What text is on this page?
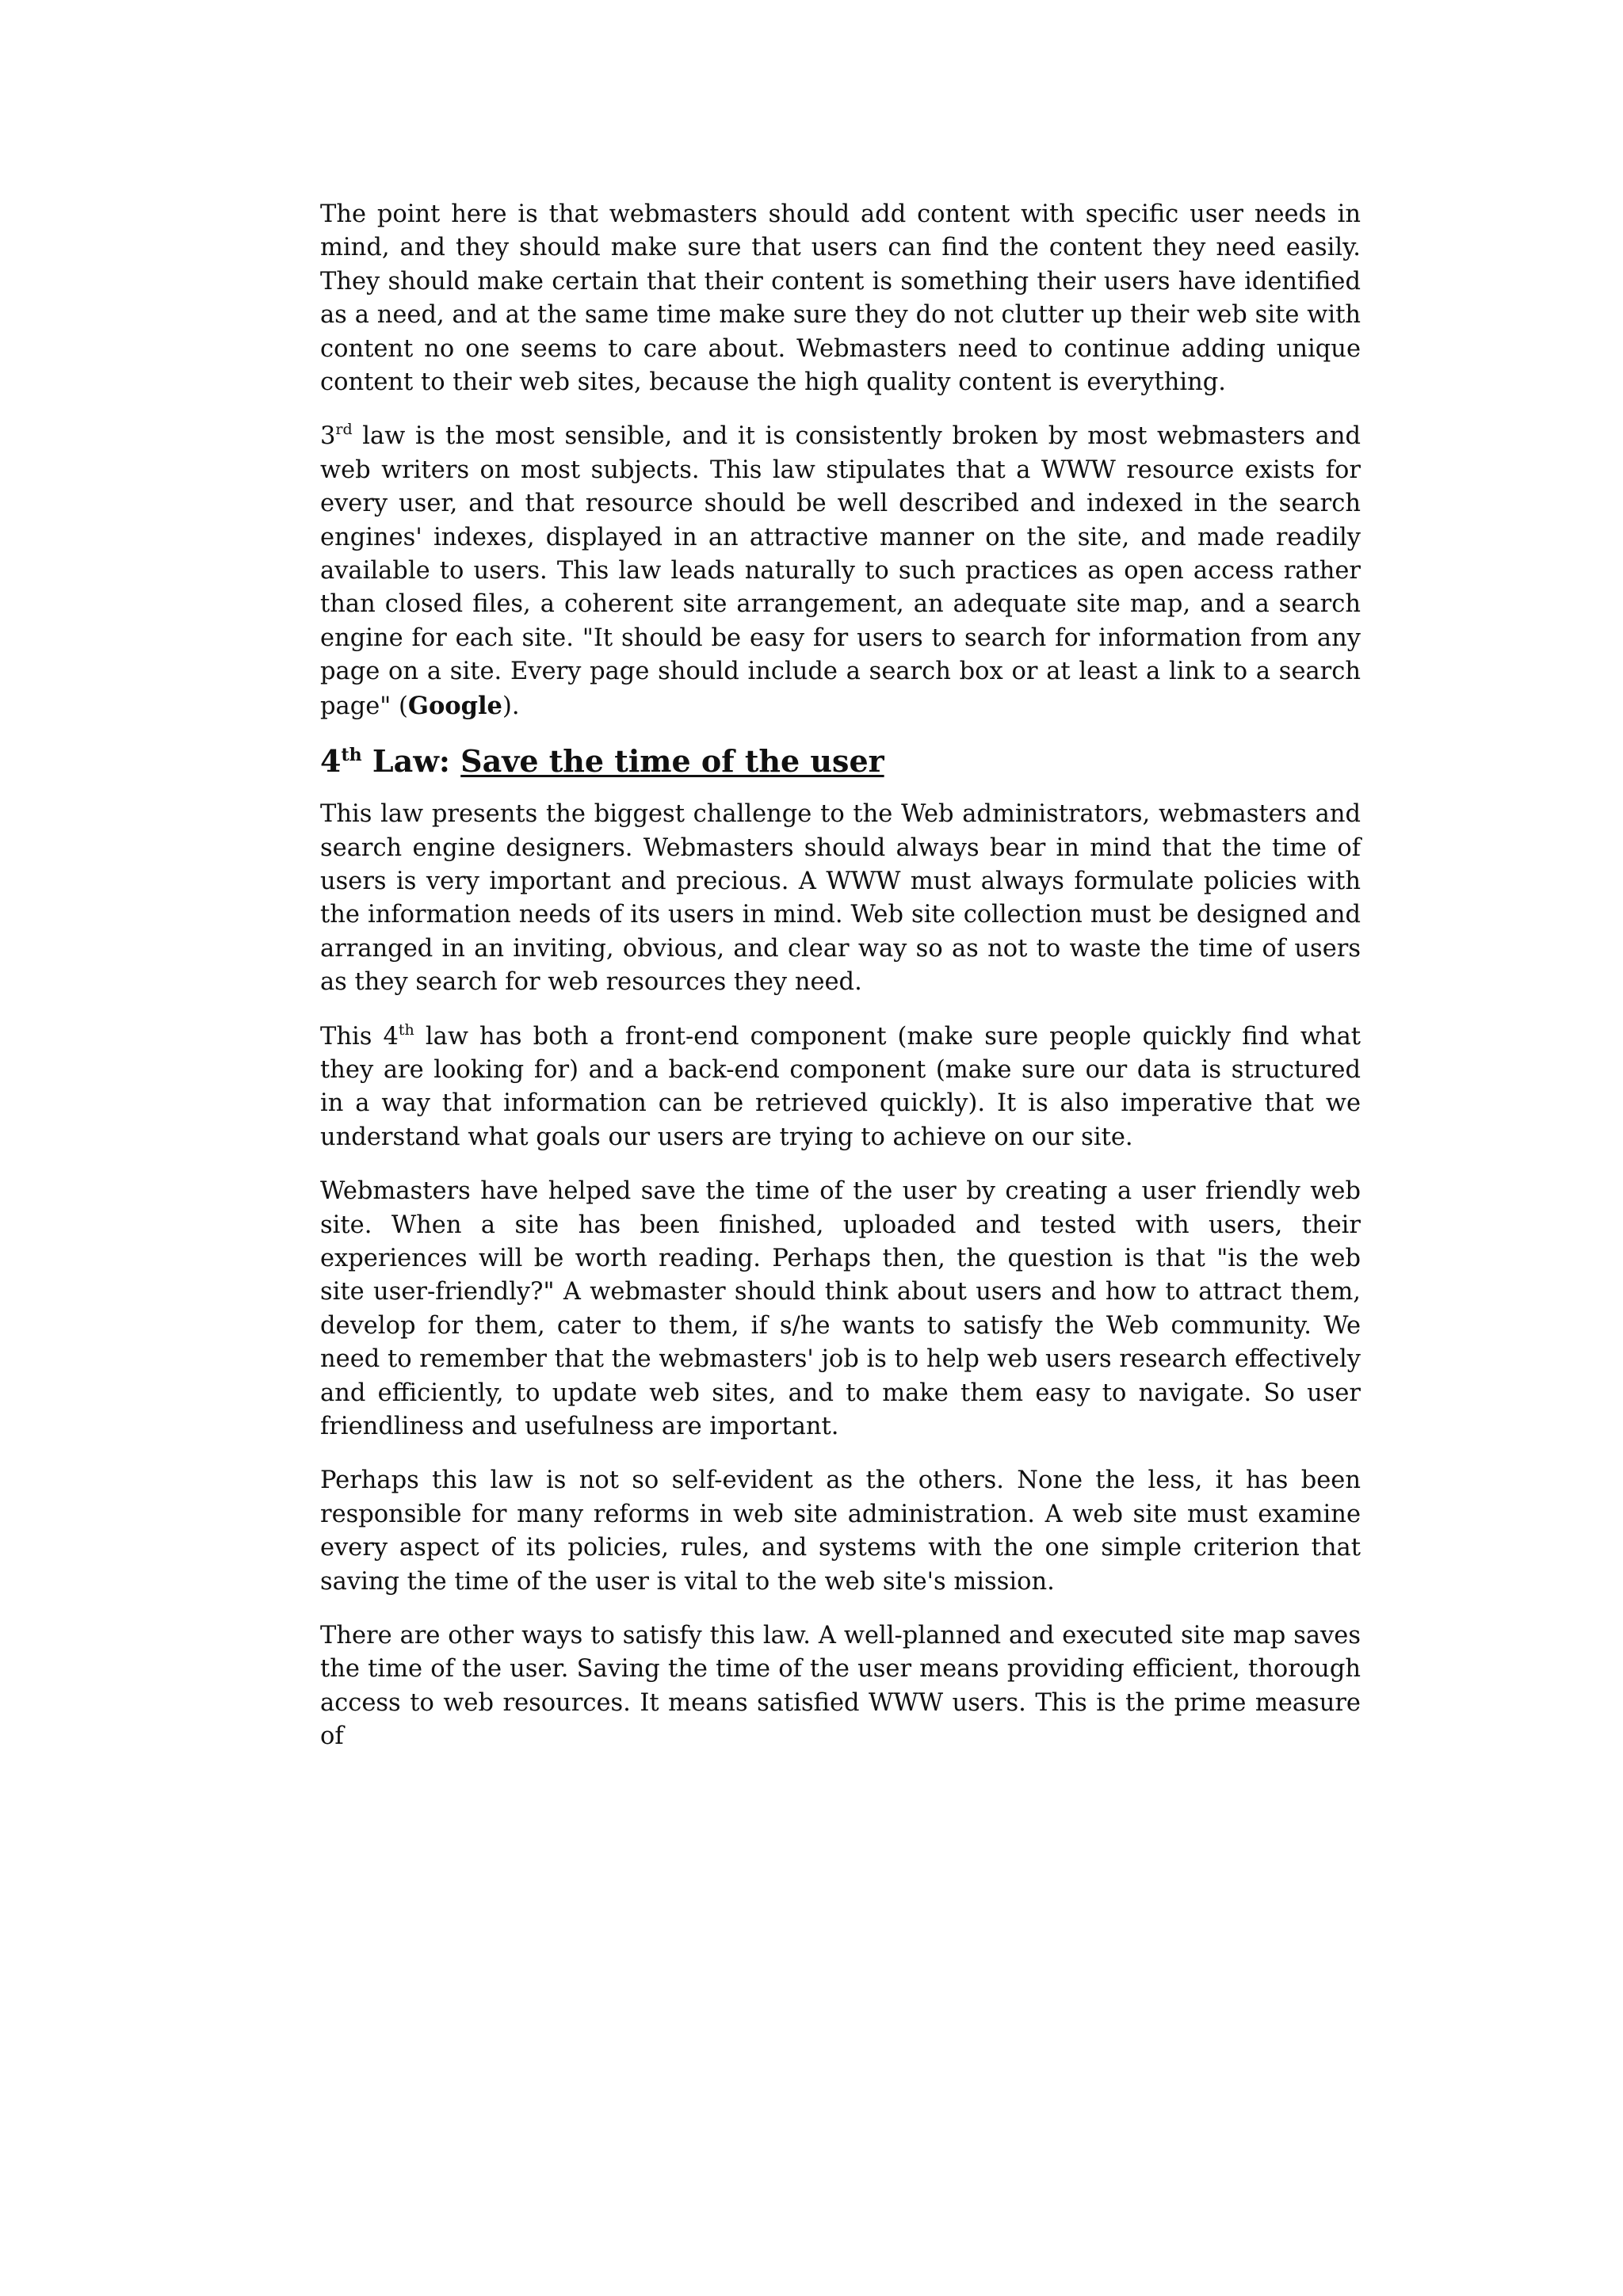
The point here is that webmasters should add content with specific user needs in mind, and they should make sure that users can find the content they need easily. They should make certain that their content is something their users have identified as a need, and at the same time make sure they do not clutter up their web site with content no one seems to care about. Webmasters need to continue adding unique content to their web sites, because the high quality content is everything.

3rd law is the most sensible, and it is consistently broken by most webmasters and web writers on most subjects. This law stipulates that a WWW resource exists for every user, and that resource should be well described and indexed in the search engines' indexes, displayed in an attractive manner on the site, and made readily available to users. This law leads naturally to such practices as open access rather than closed files, a coherent site arrangement, an adequate site map, and a search engine for each site. "It should be easy for users to search for information from any page on a site. Every page should include a search box or at least a link to a search page" (Google).

4th Law: Save the time of the user

This law presents the biggest challenge to the Web administrators, webmasters and search engine designers. Webmasters should always bear in mind that the time of users is very important and precious. A WWW must always formulate policies with the information needs of its users in mind. Web site collection must be designed and arranged in an inviting, obvious, and clear way so as not to waste the time of users as they search for web resources they need.

This 4th law has both a front-end component (make sure people quickly find what they are looking for) and a back-end component (make sure our data is structured in a way that information can be retrieved quickly). It is also imperative that we understand what goals our users are trying to achieve on our site.

Webmasters have helped save the time of the user by creating a user friendly web site. When a site has been finished, uploaded and tested with users, their experiences will be worth reading. Perhaps then, the question is that "is the web site user-friendly?" A webmaster should think about users and how to attract them, develop for them, cater to them, if s/he wants to satisfy the Web community. We need to remember that the webmasters' job is to help web users research effectively and efficiently, to update web sites, and to make them easy to navigate. So user friendliness and usefulness are important.

Perhaps this law is not so self-evident as the others. None the less, it has been responsible for many reforms in web site administration. A web site must examine every aspect of its policies, rules, and systems with the one simple criterion that saving the time of the user is vital to the web site's mission.

There are other ways to satisfy this law. A well-planned and executed site map saves the time of the user. Saving the time of the user means providing efficient, thorough access to web resources. It means satisfied WWW users. This is the prime measure of
